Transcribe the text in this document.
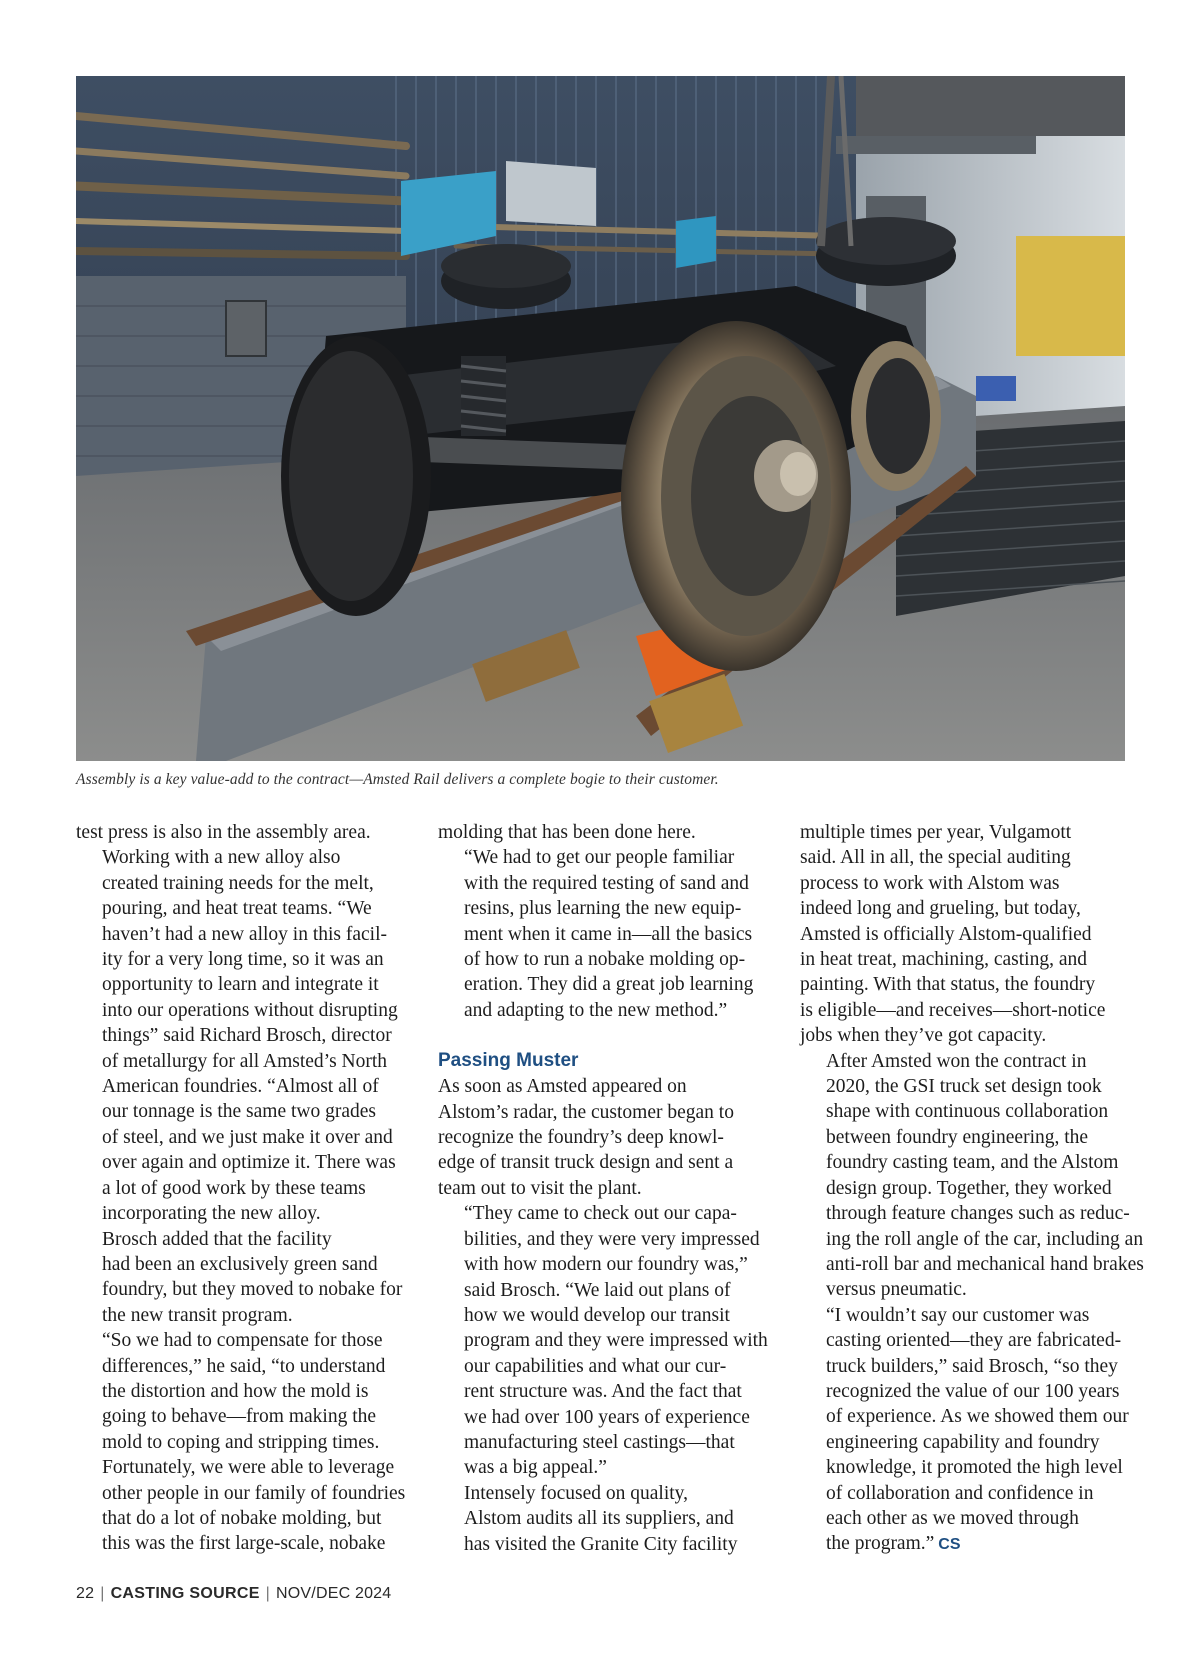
Assembly is a key value-add to the contract—Amsted Rail delivers a complete bogie to their customer.

test press is also in the assembly area.

Working with a new alloy also
created training needs for the melt,
pouring, and heat treat teams. “We
haven’t had a new alloy in this facil-
ity for a very long time, so it was an
opportunity to learn and integrate it
into our operations without disrupting
things” said Richard Brosch, director
of metallurgy for all Amsted’s North
American foundries. “Almost all of
our tonnage is the same two grades
of steel, and we just make it over and
over again and optimize it. There was
a lot of good work by these teams
incorporating the new alloy.

Brosch added that the facility
had been an exclusively green sand
foundry, but they moved to nobake for
the new transit program.

“So we had to compensate for those
differences,” he said, “to understand
the distortion and how the mold is
going to behave—from making the
mold to coping and stripping times.
Fortunately, we were able to leverage
other people in our family of foundries
that do a lot of nobake molding, but
this was the first large-scale, nobake

molding that has been done here.

“We had to get our people familiar
with the required testing of sand and
resins, plus learning the new equip-
ment when it came in—all the basics
of how to run a nobake molding op-
eration. They did a great job learning
and adapting to the new method.”

Passing Muster

As soon as Amsted appeared on
Alstom’s radar, the customer began to
recognize the foundry’s deep knowl-
edge of transit truck design and sent a
team out to visit the plant.

“They came to check out our capa-
bilities, and they were very impressed
with how modern our foundry was,”
said Brosch. “We laid out plans of
how we would develop our transit
program and they were impressed with
our capabilities and what our cur-
rent structure was. And the fact that
we had over 100 years of experience
manufacturing steel castings—that
was a big appeal.”

Intensely focused on quality,
Alstom audits all its suppliers, and
has visited the Granite City facility

multiple times per year, Vulgamott
said. All in all, the special auditing
process to work with Alstom was
indeed long and grueling, but today,
Amsted is officially Alstom-qualified
in heat treat, machining, casting, and
painting. With that status, the foundry
is eligible—and receives—short-notice
jobs when they’ve got capacity.

After Amsted won the contract in
2020, the GSI truck set design took
shape with continuous collaboration
between foundry engineering, the
foundry casting team, and the Alstom
design group. Together, they worked
through feature changes such as reduc-
ing the roll angle of the car, including an
anti-roll bar and mechanical hand brakes
versus pneumatic.

“I wouldn’t say our customer was
casting oriented—they are fabricated-
truck builders,” said Brosch, “so they
recognized the value of our 100 years
of experience. As we showed them our
engineering capability and foundry
knowledge, it promoted the high level
of collaboration and confidence in
each other as we moved through
the program.” CS

22 | CASTING SOURCE | NOV/DEC 2024
